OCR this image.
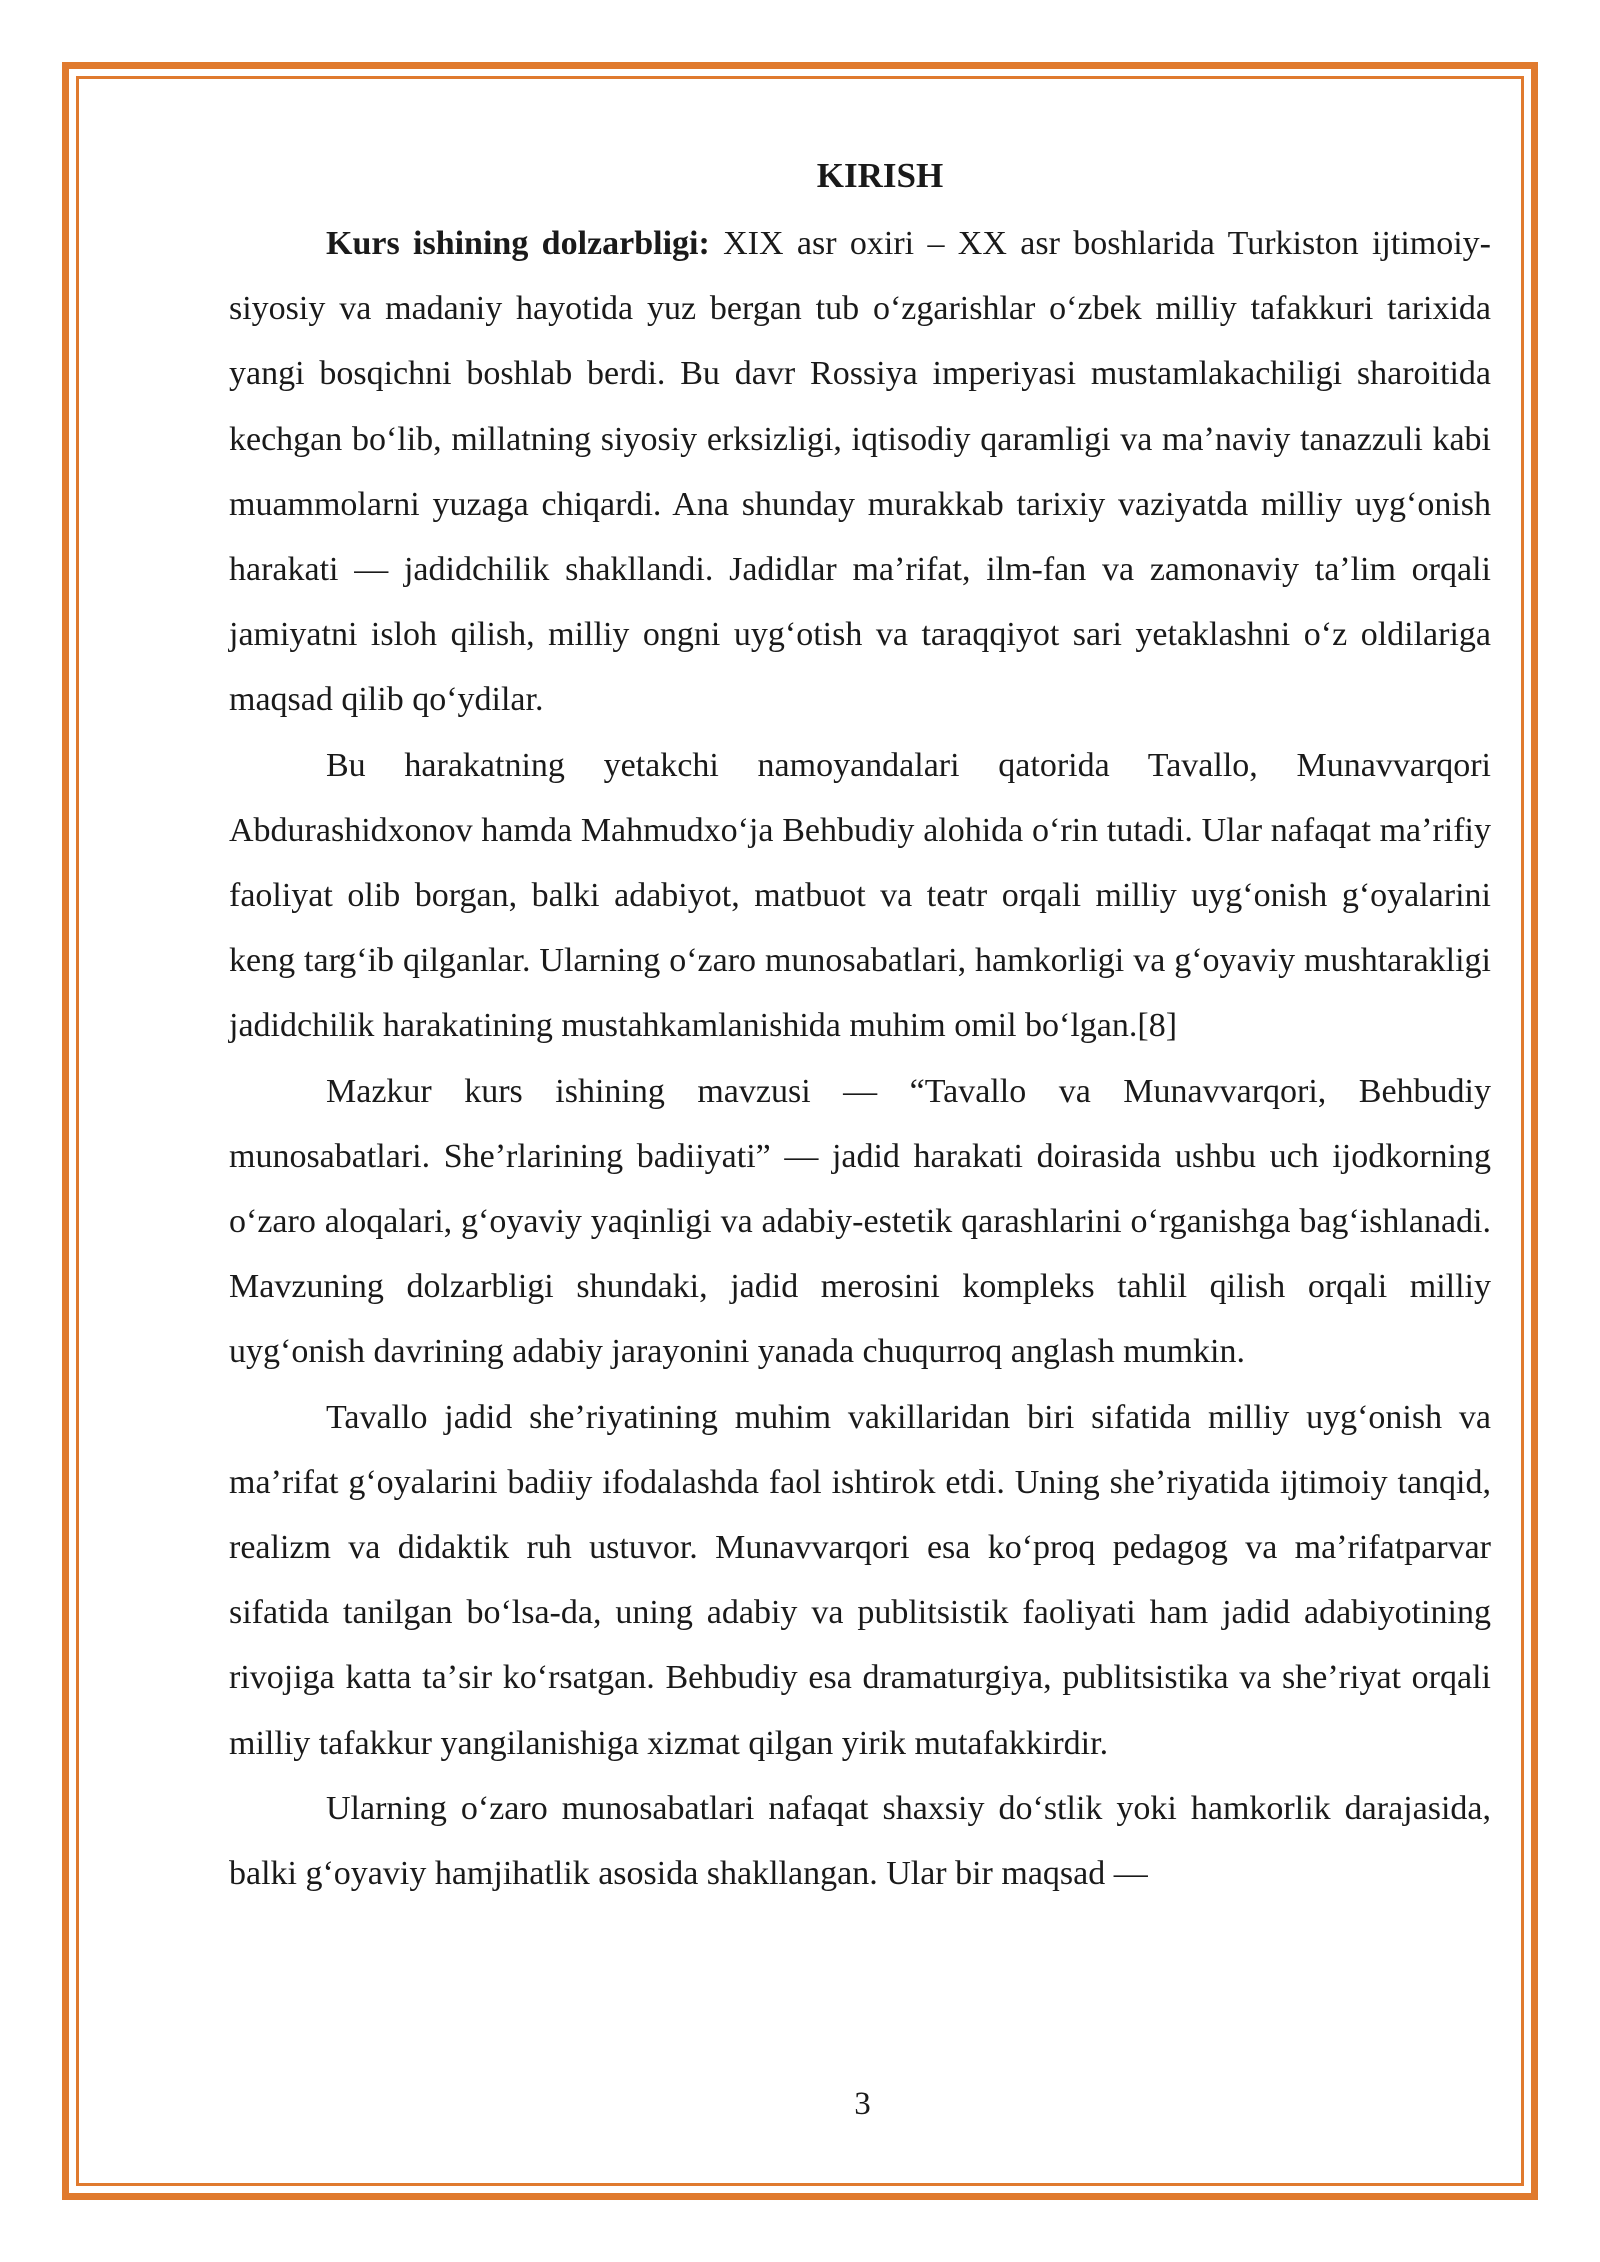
KIRISH

Kurs ishining dolzarbligi: XIX asr oxiri – XX asr boshlarida Turkiston ijtimoiy-siyosiy va madaniy hayotida yuz bergan tub oʻzgarishlar oʻzbek milliy tafakkuri tarixida yangi bosqichni boshlab berdi. Bu davr Rossiya imperiyasi mustamlakachiligi sharoitida kechgan boʻlib, millatning siyosiy erksizligi, iqtisodiy qaramligi va maʼnaviy tanazzuli kabi muammolarni yuzaga chiqardi. Ana shunday murakkab tarixiy vaziyatda milliy uygʻonish harakati — jadidchilik shakllandi. Jadidlar maʼrifat, ilm-fan va zamonaviy taʼlim orqali jamiyatni isloh qilish, milliy ongni uygʻotish va taraqqiyot sari yetaklashni oʻz oldilariga maqsad qilib qoʻydilar.

Bu harakatning yetakchi namoyandalari qatorida Tavallo, Munavvarqori Abdurashidxonov hamda Mahmudxoʻja Behbudiy alohida oʻrin tutadi. Ular nafaqat maʼrifiy faoliyat olib borgan, balki adabiyot, matbuot va teatr orqali milliy uygʻonish gʻoyalarini keng targʻib qilganlar. Ularning oʻzaro munosabatlari, hamkorligi va gʻoyaviy mushtarakligi jadidchilik harakatining mustahkamlanishida muhim omil boʻlgan.[8]

Mazkur kurs ishining mavzusi — “Tavallo va Munavvarqori, Behbudiy munosabatlari. Sheʼrlarining badiiyati” — jadid harakati doirasida ushbu uch ijodkorning oʻzaro aloqalari, gʻoyaviy yaqinligi va adabiy-estetik qarashlarini oʻrganishga bagʻishlanadi. Mavzuning dolzarbligi shundaki, jadid merosini kompleks tahlil qilish orqali milliy uygʻonish davrining adabiy jarayonini yanada chuqurroq anglash mumkin.

Tavallo jadid sheʼriyatining muhim vakillaridan biri sifatida milliy uygʻonish va maʼrifat gʻoyalarini badiiy ifodalashda faol ishtirok etdi. Uning sheʼriyatida ijtimoiy tanqid, realizm va didaktik ruh ustuvor. Munavvarqori esa koʻproq pedagog va maʼrifatparvar sifatida tanilgan boʻlsa-da, uning adabiy va publitsistik faoliyati ham jadid adabiyotining rivojiga katta taʼsir koʻrsatgan. Behbudiy esa dramaturgiya, publitsistika va sheʼriyat orqali milliy tafakkur yangilanishiga xizmat qilgan yirik mutafakkirdir.

Ularning oʻzaro munosabatlari nafaqat shaxsiy doʻstlik yoki hamkorlik darajasida, balki gʻoyaviy hamjihatlik asosida shakllangan. Ular bir maqsad —

3
